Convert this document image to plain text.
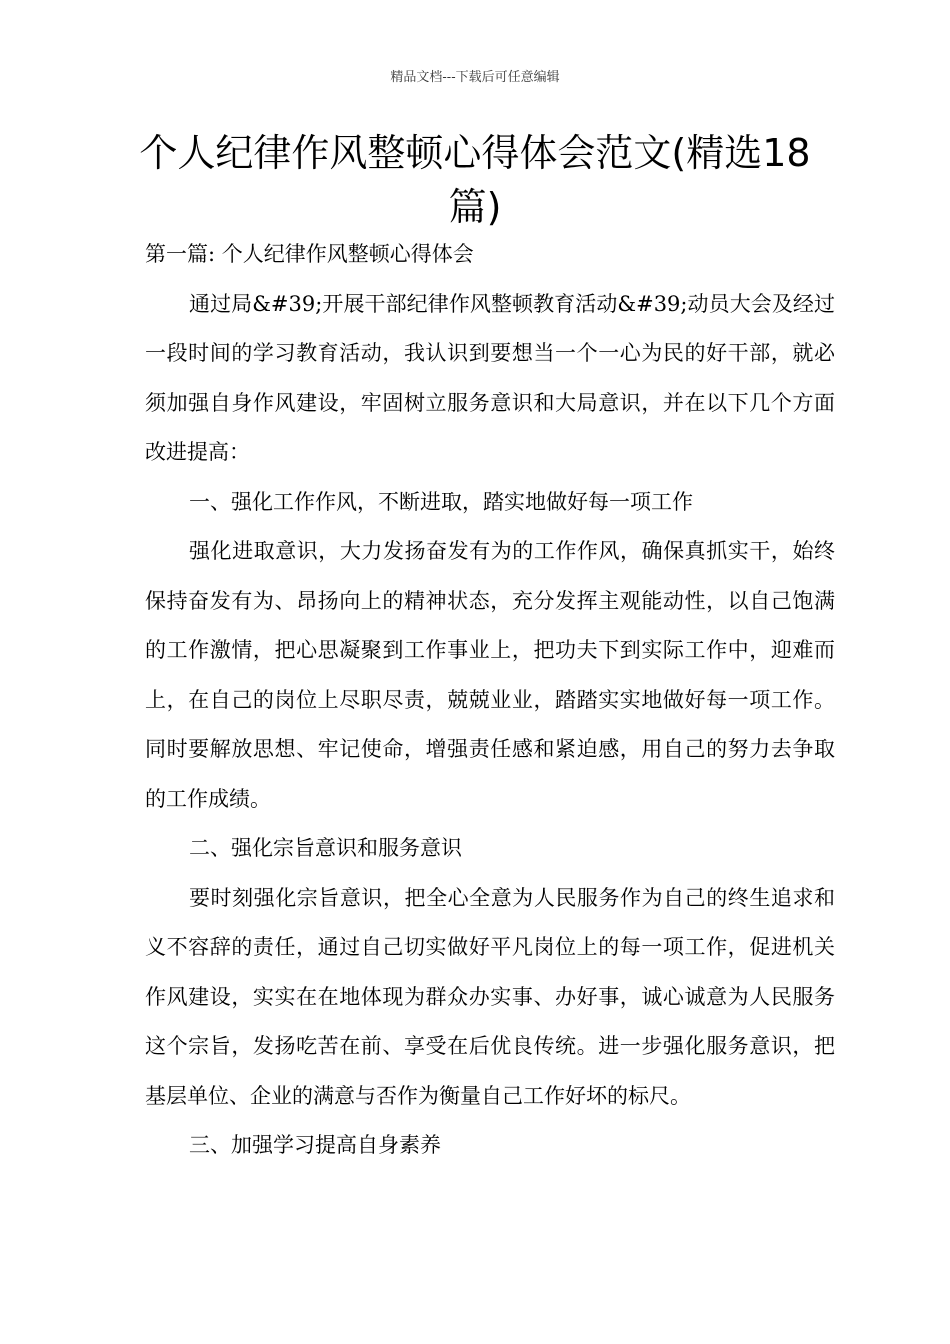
精品文档---下载后可任意编辑
个人纪律作风整顿心得体会范文(精选18篇)

第一篇: 个人纪律作风整顿心得体会

通过局&#39;开展干部纪律作风整顿教育活动&#39;动员大会及经过一段时间的学习教育活动，我认识到要想当一个一心为民的好干部，就必须加强自身作风建设，牢固树立服务意识和大局意识，并在以下几个方面改进提高：

一、强化工作作风，不断进取，踏实地做好每一项工作

强化进取意识，大力发扬奋发有为的工作作风，确保真抓实干，始终保持奋发有为、昂扬向上的精神状态，充分发挥主观能动性，以自己饱满的工作激情，把心思凝聚到工作事业上，把功夫下到实际工作中，迎难而上，在自己的岗位上尽职尽责，兢兢业业，踏踏实实地做好每一项工作。同时要解放思想、牢记使命，增强责任感和紧迫感，用自己的努力去争取的工作成绩。

二、强化宗旨意识和服务意识

要时刻强化宗旨意识，把全心全意为人民服务作为自己的终生追求和义不容辞的责任，通过自己切实做好平凡岗位上的每一项工作，促进机关作风建设，实实在在地体现为群众办实事、办好事，诚心诚意为人民服务这个宗旨，发扬吃苦在前、享受在后优良传统。进一步强化服务意识，把基层单位、企业的满意与否作为衡量自己工作好坏的标尺。

三、加强学习提高自身素养
